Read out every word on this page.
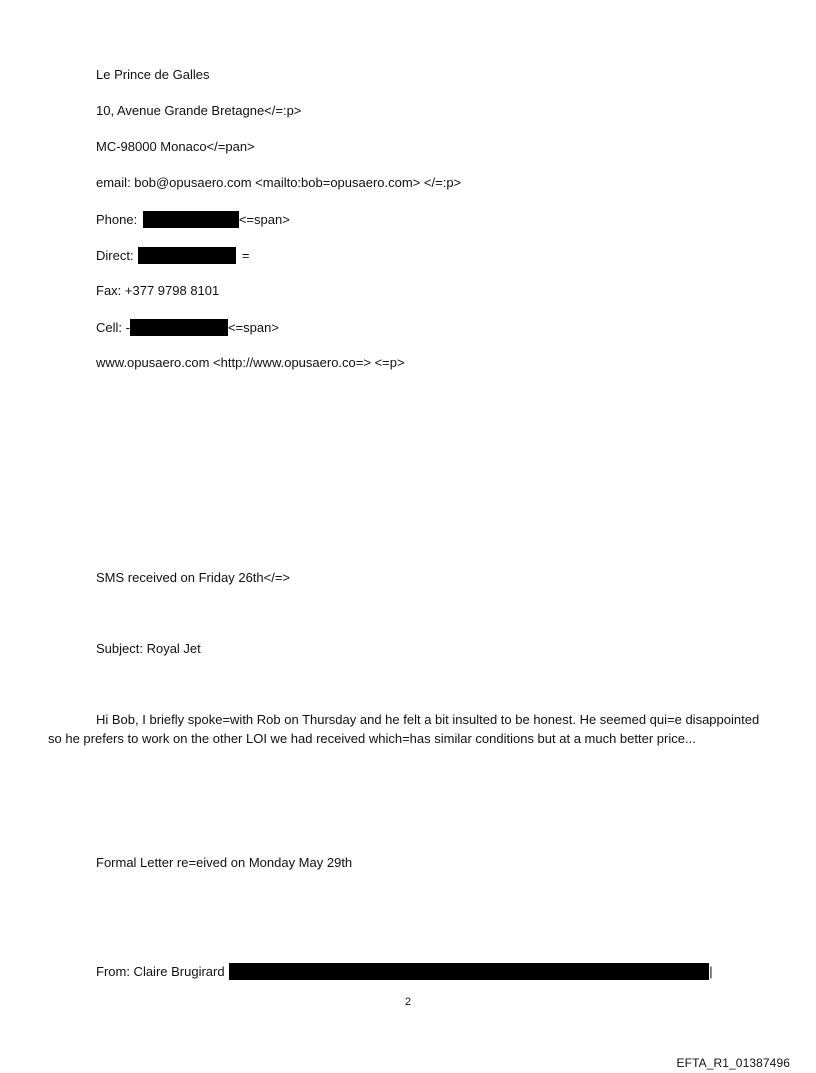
Le Prince de Galles
10, Avenue Grande Bretagne</=:p>
MC-98000 Monaco</=pan>
email: bob@opusaero.com <mailto:bob=opusaero.com> </=:p>
Phone:	<=span>
Direct:	=
Fax: +377 9798 8101
Cell: -	<=span>
www.opusaero.com <http://www.opusaero.co=> <=p>
SMS received on Friday 26th</=>
Subject: Royal Jet
Hi Bob, I briefly spoke=with Rob on Thursday and he felt a bit insulted to be honest. He seemed qui=e disappointed so he prefers to work on the other LOI we had received which=has similar conditions but at a much better price...
Formal Letter re=eived on Monday May 29th
From: Claire Brugirard	|
2
EFTA_R1_01387496
